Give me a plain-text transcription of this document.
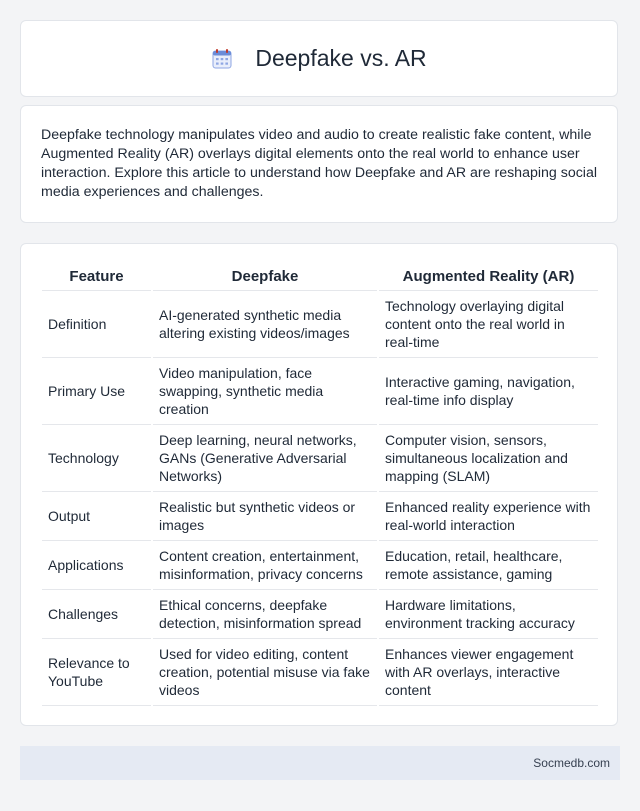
Deepfake vs. AR

Deepfake technology manipulates video and audio to create realistic fake content, while Augmented Reality (AR) overlays digital elements onto the real world to enhance user interaction. Explore this article to understand how Deepfake and AR are reshaping social media experiences and challenges.

Feature	Deepfake	Augmented Reality (AR)
Definition	AI-generated synthetic media altering existing videos/images	Technology overlaying digital content onto the real world in real-time
Primary Use	Video manipulation, face swapping, synthetic media creation	Interactive gaming, navigation, real-time info display
Technology	Deep learning, neural networks, GANs (Generative Adversarial Networks)	Computer vision, sensors, simultaneous localization and mapping (SLAM)
Output	Realistic but synthetic videos or images	Enhanced reality experience with real-world interaction
Applications	Content creation, entertainment, misinformation, privacy concerns	Education, retail, healthcare, remote assistance, gaming
Challenges	Ethical concerns, deepfake detection, misinformation spread	Hardware limitations, environment tracking accuracy
Relevance to YouTube	Used for video editing, content creation, potential misuse via fake videos	Enhances viewer engagement with AR overlays, interactive content
Socmedb.com
